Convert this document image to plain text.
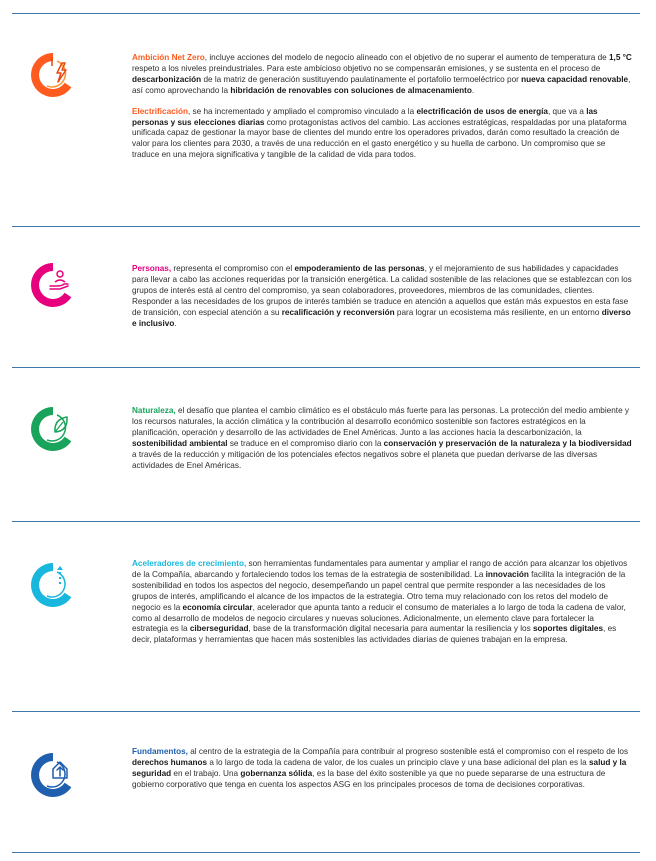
Ambición Net Zero, incluye acciones del modelo de negocio alineado con el objetivo de no superar el aumento de temperatura de 1,5 °C respeto a los niveles preindustriales. Para este ambicioso objetivo no se compensarán emisiones, y se sustenta en el proceso de descarbonización de la matriz de generación sustituyendo paulatinamente el portafolio termoeléctrico por nueva capacidad renovable, así como aprovechando la hibridación de renovables con soluciones de almacenamiento.

Electrificación, se ha incrementado y ampliado el compromiso vinculado a la electrificación de usos de energía, que va a las personas y sus elecciones diarias como protagonistas activos del cambio. Las acciones estratégicas, respaldadas por una plataforma unificada capaz de gestionar la mayor base de clientes del mundo entre los operadores privados, darán como resultado la creación de valor para los clientes para 2030, a través de una reducción en el gasto energético y su huella de carbono. Un compromiso que se traduce en una mejora significativa y tangible de la calidad de vida para todos.

Personas, representa el compromiso con el empoderamiento de las personas, y el mejoramiento de sus habilidades y capacidades para llevar a cabo las acciones requeridas por la transición energética. La calidad sostenible de las relaciones que se establezcan con los grupos de interés está al centro del compromiso, ya sean colaboradores, proveedores, miembros de las comunidades, clientes. Responder a las necesidades de los grupos de interés también se traduce en atención a aquellos que están más expuestos en esta fase de transición, con especial atención a su recalificación y reconversión para lograr un ecosistema más resiliente, en un entorno diverso e inclusivo.

Naturaleza, el desafío que plantea el cambio climático es el obstáculo más fuerte para las personas. La protección del medio ambiente y los recursos naturales, la acción climática y la contribución al desarrollo económico sostenible son factores estratégicos en la planificación, operación y desarrollo de las actividades de Enel Américas. Junto a las acciones hacia la descarbonización, la sostenibilidad ambiental se traduce en el compromiso diario con la conservación y preservación de la naturaleza y la biodiversidad a través de la reducción y mitigación de los potenciales efectos negativos sobre el planeta que puedan derivarse de las diversas actividades de Enel Américas.

Aceleradores de crecimiento, son herramientas fundamentales para aumentar y ampliar el rango de acción para alcanzar los objetivos de la Compañía, abarcando y fortaleciendo todos los temas de la estrategia de sostenibilidad. La innovación facilita la integración de la sostenibilidad en todos los aspectos del negocio, desempeñando un papel central que permite responder a las necesidades de los grupos de interés, amplificando el alcance de los impactos de la estrategia. Otro tema muy relacionado con los retos del modelo de negocio es la economía circular, acelerador que apunta tanto a reducir el consumo de materiales a lo largo de toda la cadena de valor, como al desarrollo de modelos de negocio circulares y nuevas soluciones. Adicionalmente, un elemento clave para fortalecer la estrategia es la ciberseguridad, base de la transformación digital necesaria para aumentar la resiliencia y los soportes digitales, es decir, plataformas y herramientas que hacen más sostenibles las actividades diarias de quienes trabajan en la empresa.

Fundamentos, al centro de la estrategia de la Compañía para contribuir al progreso sostenible está el compromiso con el respeto de los derechos humanos a lo largo de toda la cadena de valor, de los cuales un principio clave y una base adicional del plan es la salud y la seguridad en el trabajo. Una gobernanza sólida, es la base del éxito sostenible ya que no puede separarse de una estructura de gobierno corporativo que tenga en cuenta los aspectos ASG en los principales procesos de toma de decisiones corporativas.
